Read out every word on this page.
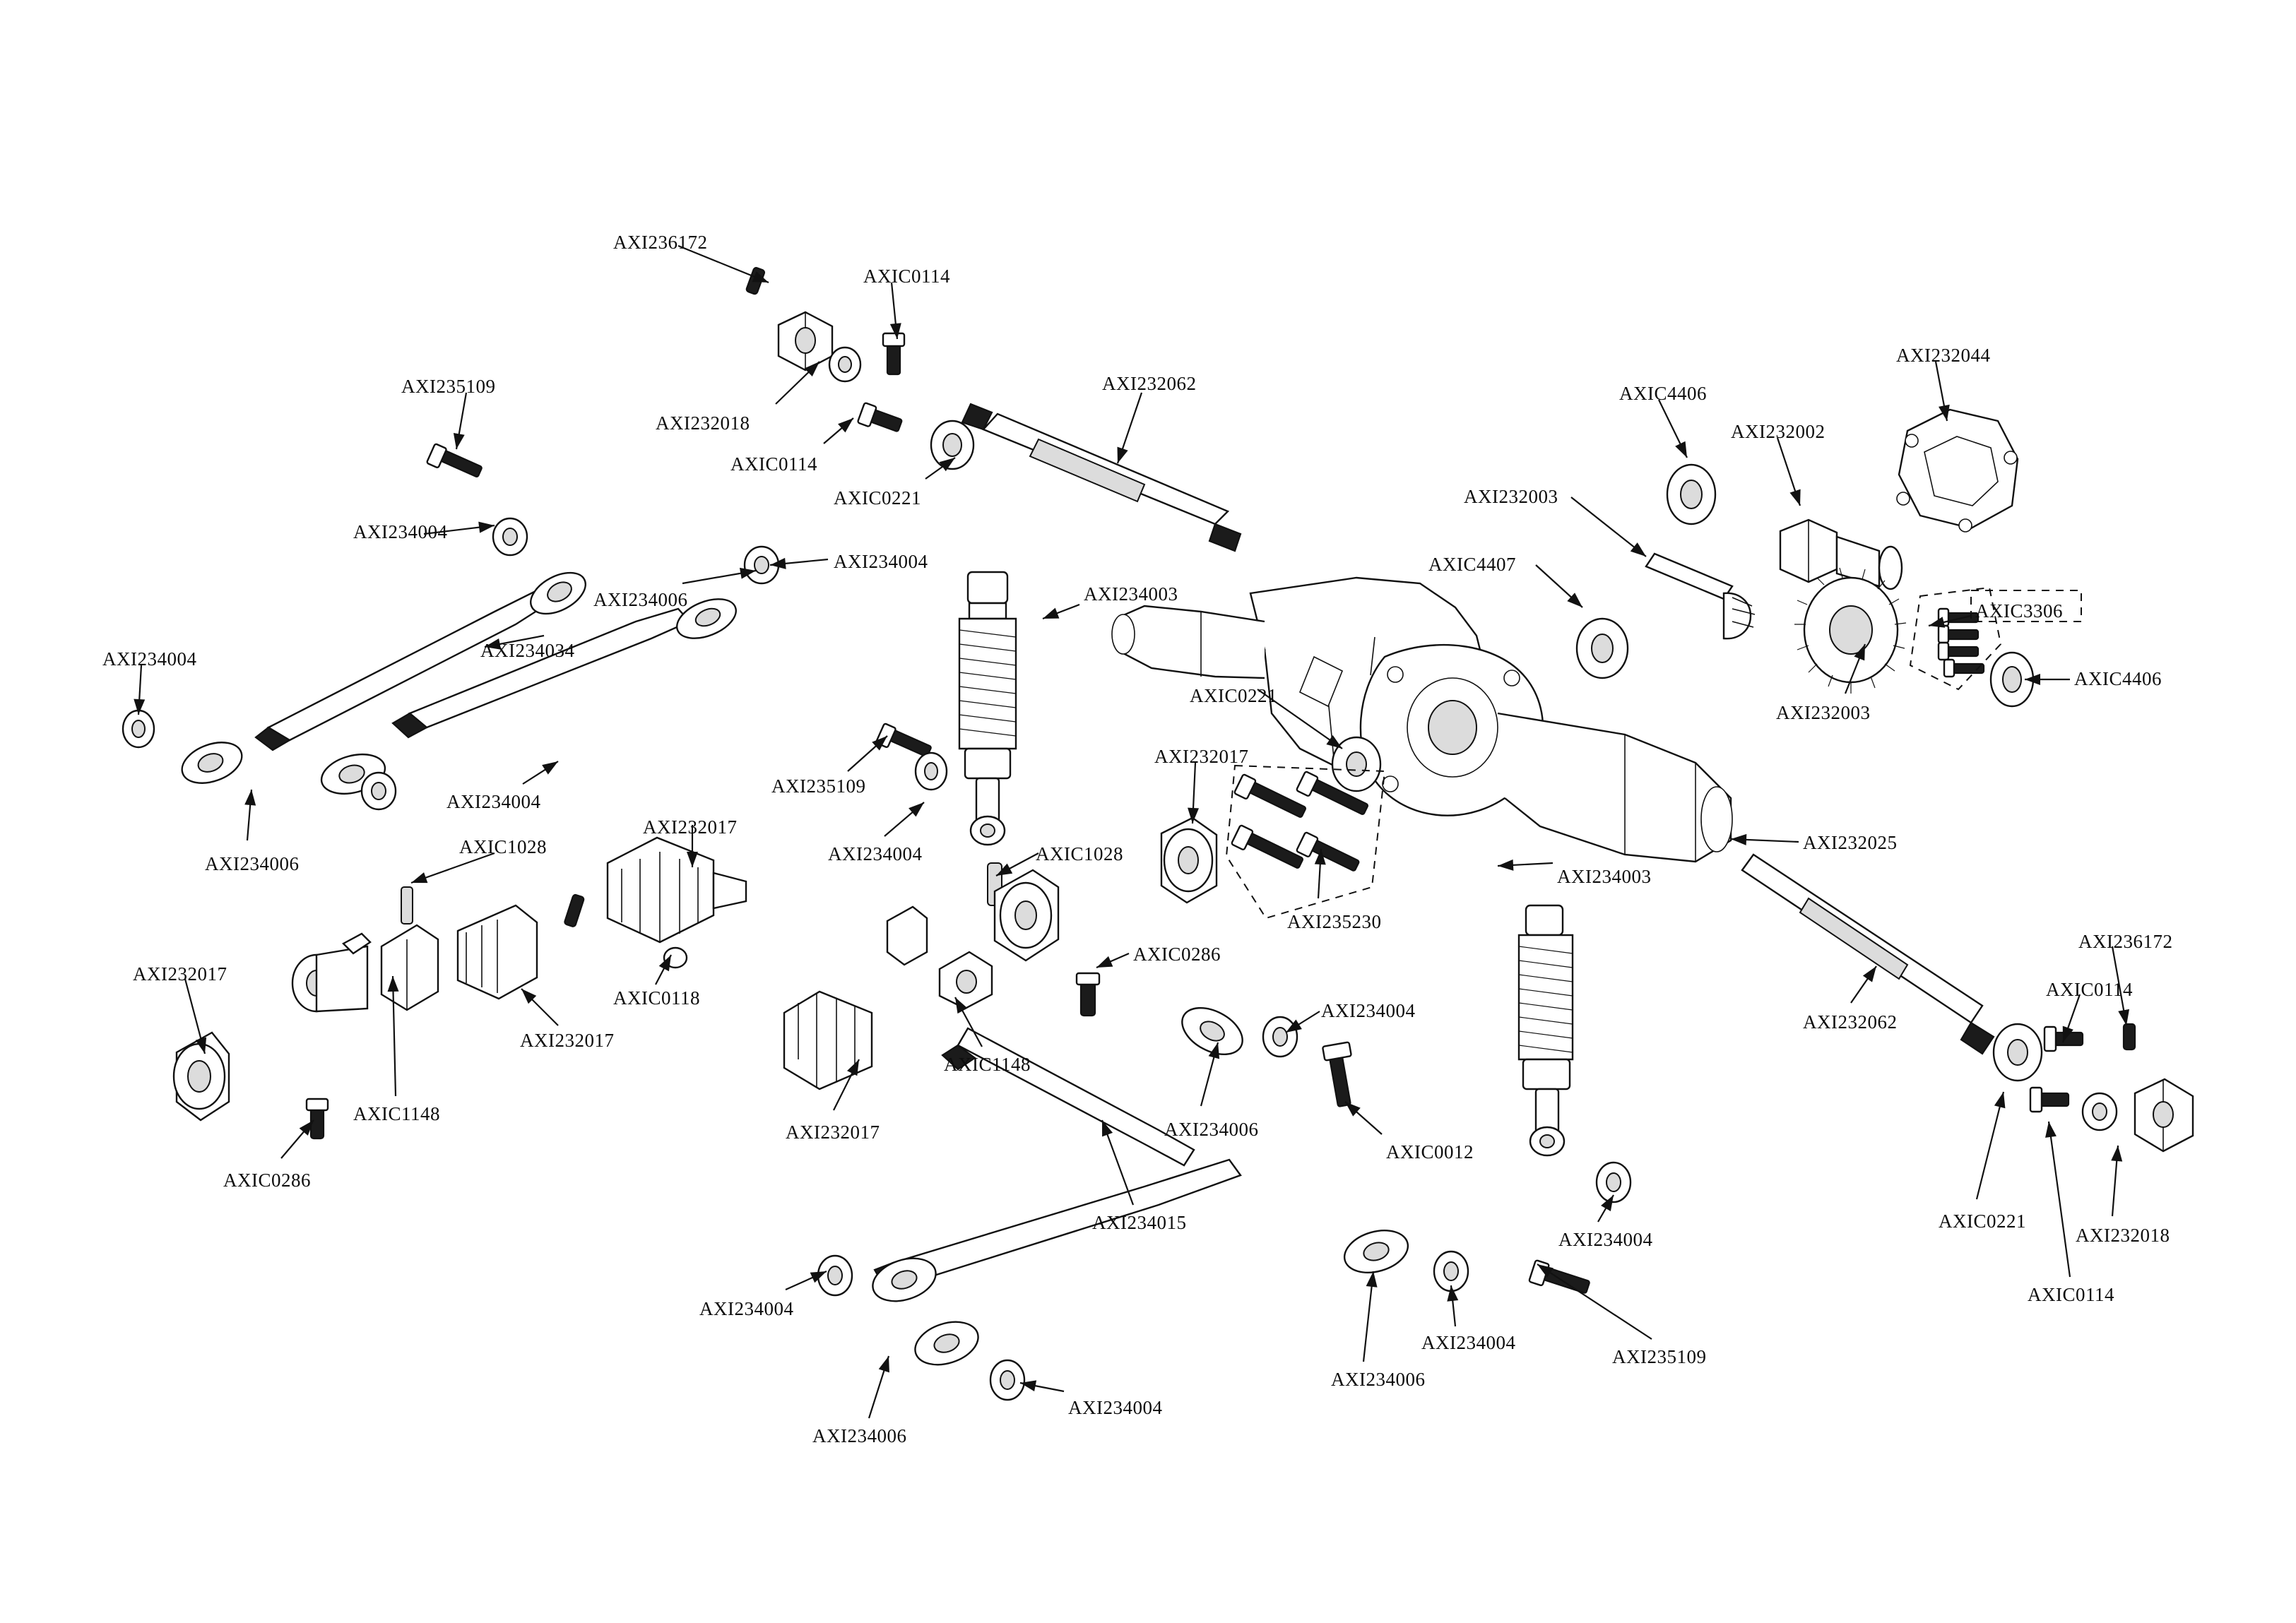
AXI236172
AXIC0114
AXI235109
AXI232018
AXIC0114
AXIC0221
AXI232062	AXIC4406
AXI232044
AXI232002
AXI232003
AXIC4407
AXIC3306
AXIC4406
AXI232003
AXI234004
AXI234006
AXI234004
AXI234003
AXI234034
AXI234004
AXIC0221
AXI232017
AXI235109
AXI234004
AXIC1028
AXI234006
AXI232017
AXI234004	AXIC1028
AXI235230
AXI234003
AXI232025
AXI236172
AXIC0114
AXI232017
AXIC0118
AXIC0286
AXI232017
AXIC1148
AXIC1148
AXI234004
AXI232017	AXI234006
AXIC0012
AXIC0286
AXI232062
AXIC0221
AXI232018
AXIC0114
AXI234015
AXI234004
AXI234004
AXI234004
AXI235109
AXI234006
AXI234006
AXI234004
